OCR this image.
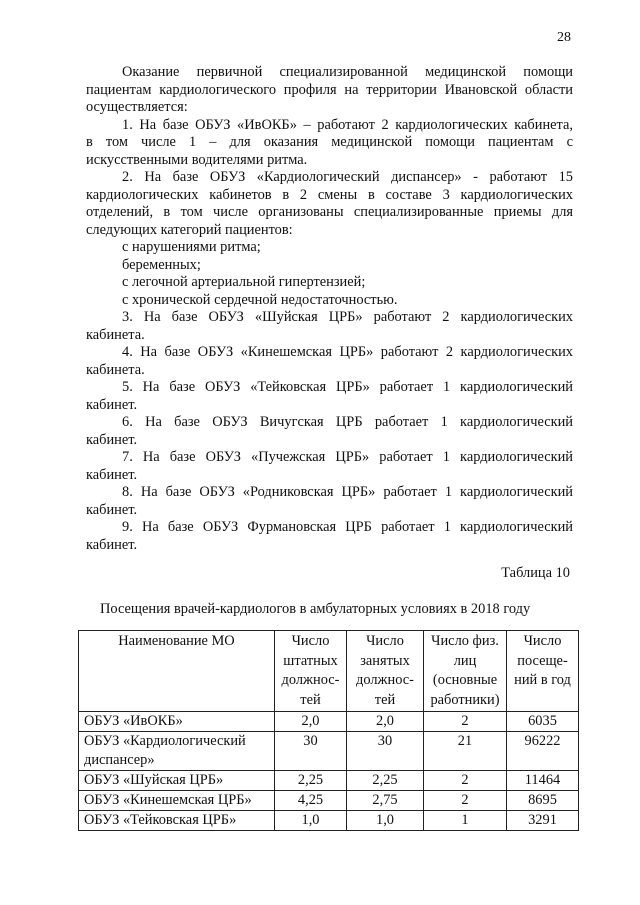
28
Оказание первичной специализированной медицинской помощи
пациентам кардиологического профиля на территории Ивановской области
осуществляется:
1. На базе ОБУЗ «ИвОКБ» – работают 2 кардиологических кабинета,
в том числе 1 – для оказания медицинской помощи пациентам с
искусственными водителями ритма.
2. На базе ОБУЗ «Кардиологический диспансер» - работают 15
кардиологических кабинетов в 2 смены в составе 3 кардиологических
отделений, в том числе организованы специализированные приемы для
следующих категорий пациентов:
с нарушениями ритма;
беременных;
с легочной артериальной гипертензией;
с хронической сердечной недостаточностью.
3. На базе ОБУЗ «Шуйская ЦРБ» работают 2 кардиологических
кабинета.
4. На базе ОБУЗ «Кинешемская ЦРБ» работают 2 кардиологических
кабинета.
5. На базе ОБУЗ «Тейковская ЦРБ» работает 1 кардиологический
кабинет.
6. На базе ОБУЗ Вичугская ЦРБ работает 1 кардиологический
кабинет.
7. На базе ОБУЗ «Пучежская ЦРБ» работает 1 кардиологический
кабинет.
8. На базе ОБУЗ «Родниковская ЦРБ» работает 1 кардиологический
кабинет.
9. На базе ОБУЗ Фурмановская ЦРБ работает 1 кардиологический
кабинет.
Таблица 10
Посещения врачей-кардиологов в амбулаторных условиях в 2018 году
Наименование МО	Число
штатных
должнос-
тей	Число
занятых
должнос-
тей	Число физ.
лиц
(основные
работники)	Число
посеще-
ний в год

ОБУЗ «ИвОКБ»	2,0	2,0	2	6035
ОБУЗ «Кардиологический диспансер»	30	30	21	96222
ОБУЗ «Шуйская ЦРБ»	2,25	2,25	2	11464
ОБУЗ «Кинешемская ЦРБ»	4,25	2,75	2	8695
ОБУЗ «Тейковская ЦРБ»	1,0	1,0	1	3291
